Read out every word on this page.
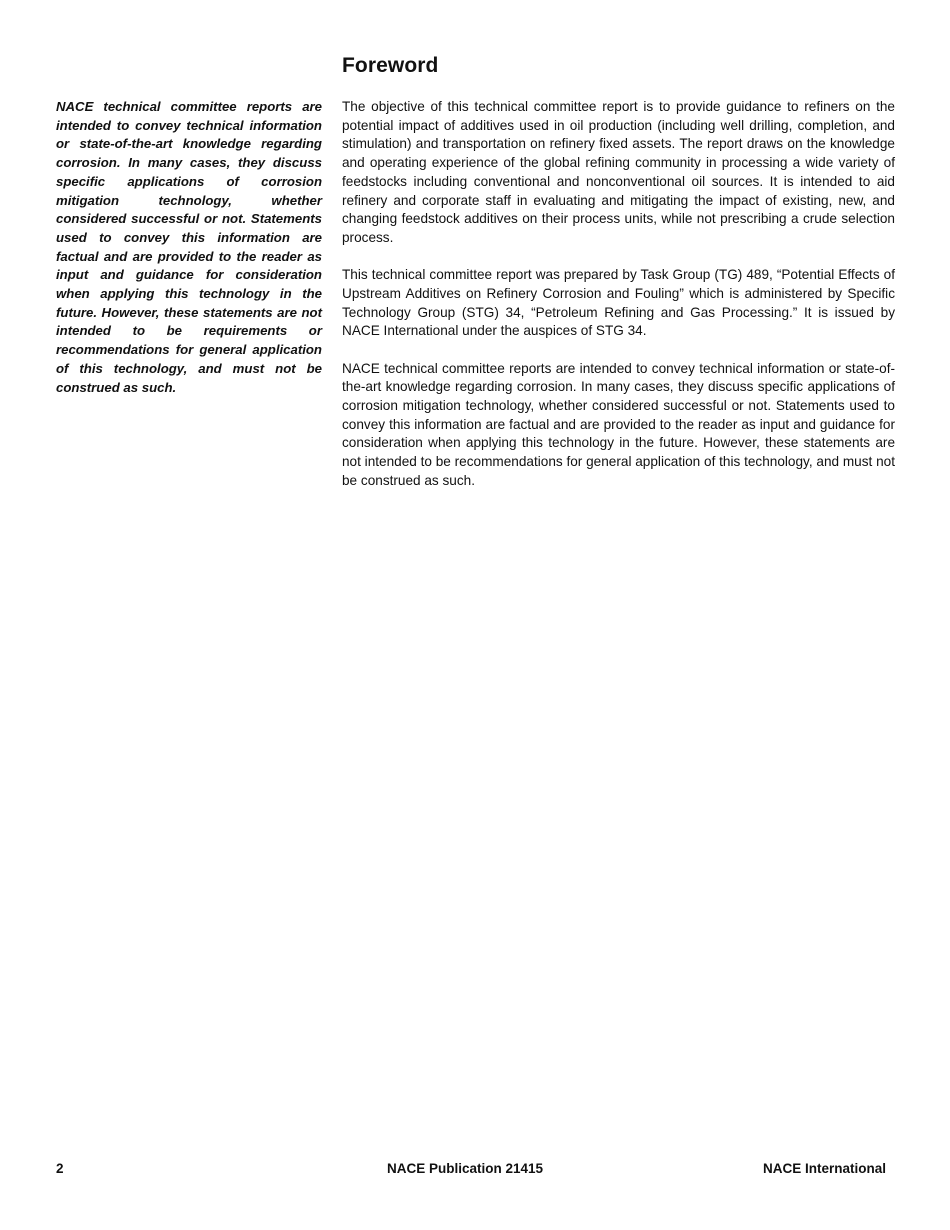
Foreword

NACE technical committee reports are intended to convey technical information or state-of-the-art knowledge regarding corrosion. In many cases, they discuss specific applications of corrosion mitigation technology, whether considered successful or not. Statements used to convey this information are factual and are provided to the reader as input and guidance for consideration when applying this technology in the future. However, these statements are not intended to be requirements or recommendations for general application of this technology, and must not be construed as such.

The objective of this technical committee report is to provide guidance to refiners on the potential impact of additives used in oil production (including well drilling, completion, and stimulation) and transportation on refinery fixed assets. The report draws on the knowledge and operating experience of the global refining community in processing a wide variety of feedstocks including conventional and nonconventional oil sources. It is intended to aid refinery and corporate staff in evaluating and mitigating the impact of existing, new, and changing feedstock additives on their process units, while not prescribing a crude selection process.

This technical committee report was prepared by Task Group (TG) 489, “Potential Effects of Upstream Additives on Refinery Corrosion and Fouling” which is administered by Specific Technology Group (STG) 34, “Petroleum Refining and Gas Processing.” It is issued by NACE International under the auspices of STG 34.

NACE technical committee reports are intended to convey technical information or state-of-the-art knowledge regarding corrosion. In many cases, they discuss specific applications of corrosion mitigation technology, whether considered successful or not. Statements used to convey this information are factual and are provided to the reader as input and guidance for consideration when applying this technology in the future. However, these statements are not intended to be recommendations for general application of this technology, and must not be construed as such.

2	NACE Publication 21415	NACE International
